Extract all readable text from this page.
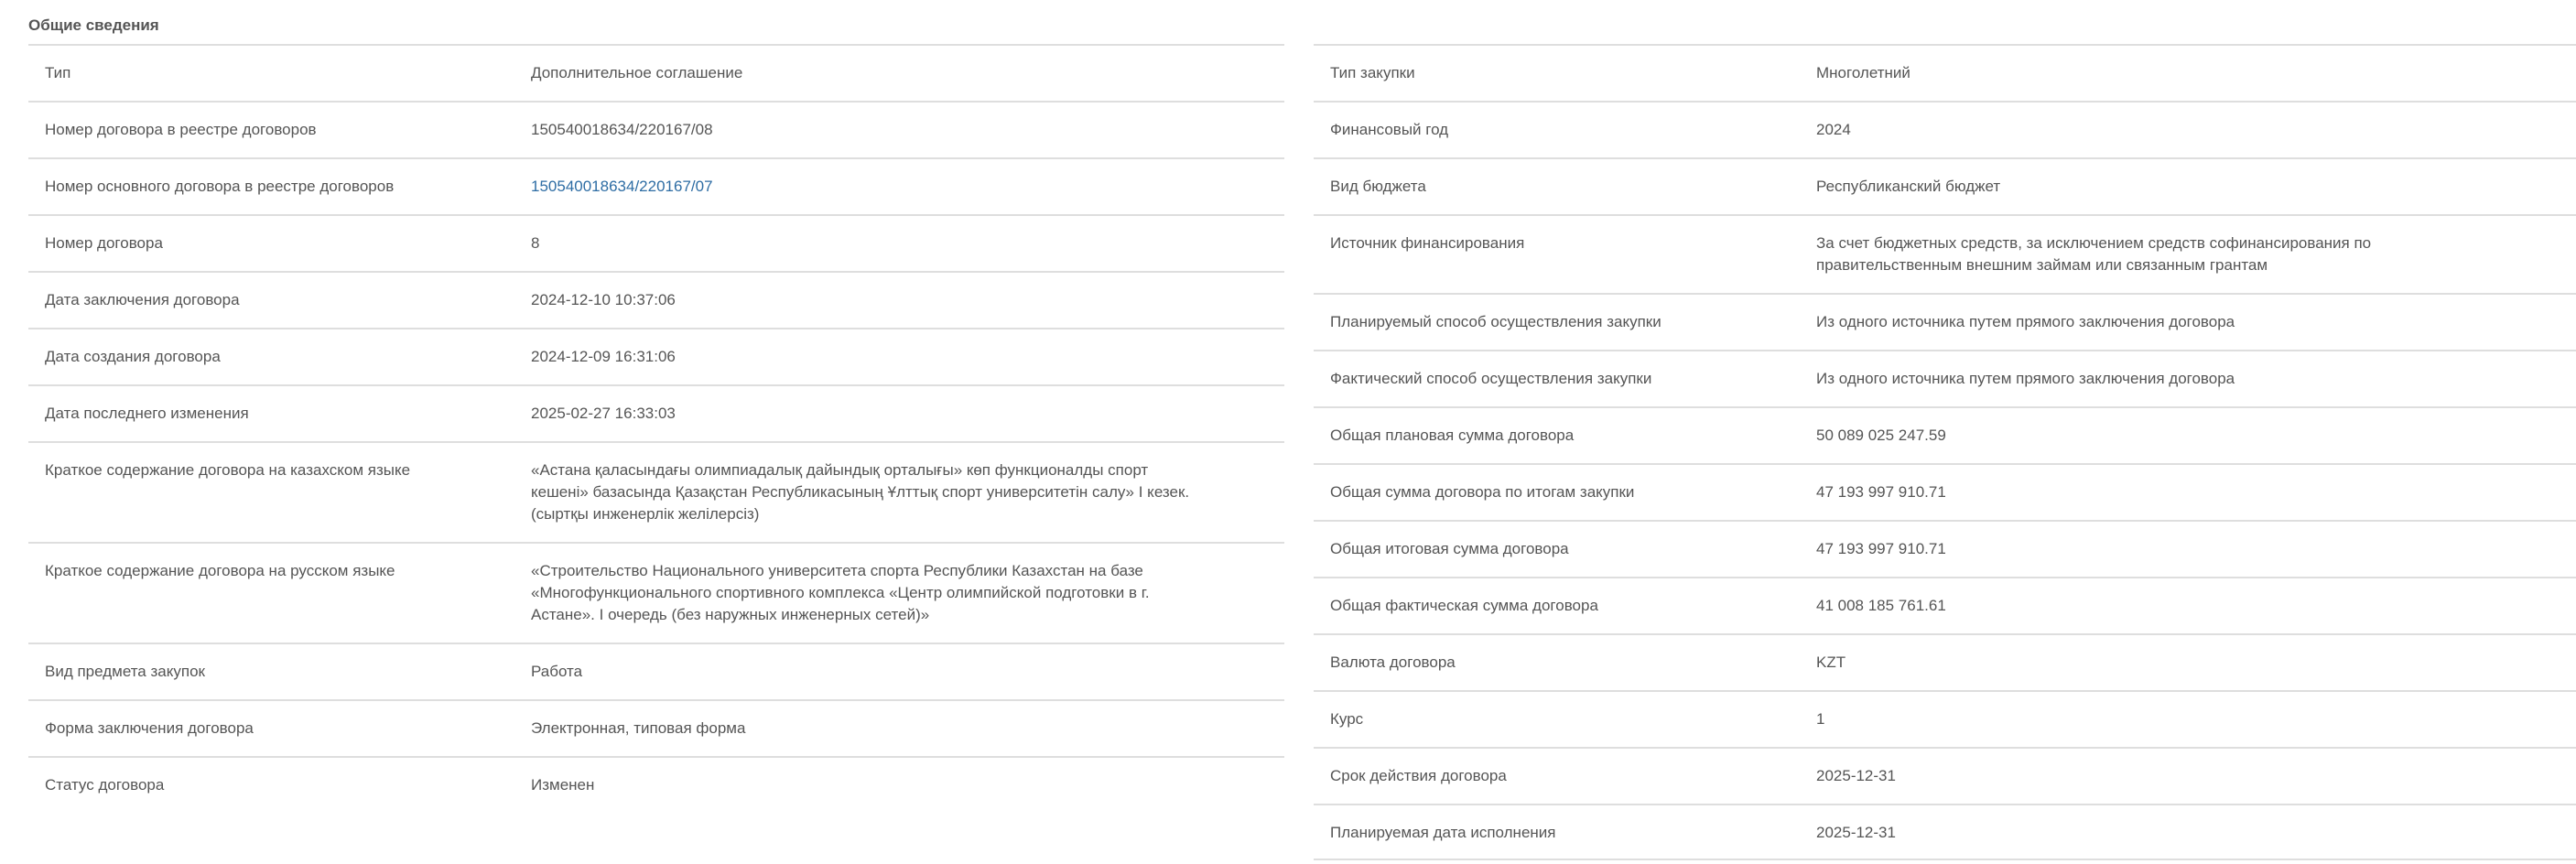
Общие сведения
Тип	Дополнительное соглашение
Номер договора в реестре договоров	150540018634/220167/08
Номер основного договора в реестре договоров	150540018634/220167/07
Номер договора	8
Дата заключения договора	2024-12-10 10:37:06
Дата создания договора	2024-12-09 16:31:06
Дата последнего изменения	2025-02-27 16:33:03
Краткое содержание договора на казахском языке	«Астана қаласындағы олимпиадалық дайындық орталығы» көп функционалды спорт кешені» базасында Қазақстан Республикасының Ұлттық спорт университетін салу» I кезек. (сыртқы инженерлік желілерсіз)
Краткое содержание договора на русском языке	«Строительство Национального университета спорта Республики Казахстан на базе «Многофункционального спортивного комплекса «Центр олимпийской подготовки в г. Астане». I очередь (без наружных инженерных сетей)»
Вид предмета закупок	Работа
Форма заключения договора	Электронная, типовая форма
Статус договора	Изменен
Тип закупки	Многолетний
Финансовый год	2024
Вид бюджета	Республиканский бюджет
Источник финансирования	За счет бюджетных средств, за исключением средств софинансирования по правительственным внешним займам или связанным грантам
Планируемый способ осуществления закупки	Из одного источника путем прямого заключения договора
Фактический способ осуществления закупки	Из одного источника путем прямого заключения договора
Общая плановая сумма договора	50 089 025 247.59
Общая сумма договора по итогам закупки	47 193 997 910.71
Общая итоговая сумма договора	47 193 997 910.71
Общая фактическая сумма договора	41 008 185 761.61
Валюта договора	KZT
Курс	1
Срок действия договора	2025-12-31
Планируемая дата исполнения	2025-12-31
